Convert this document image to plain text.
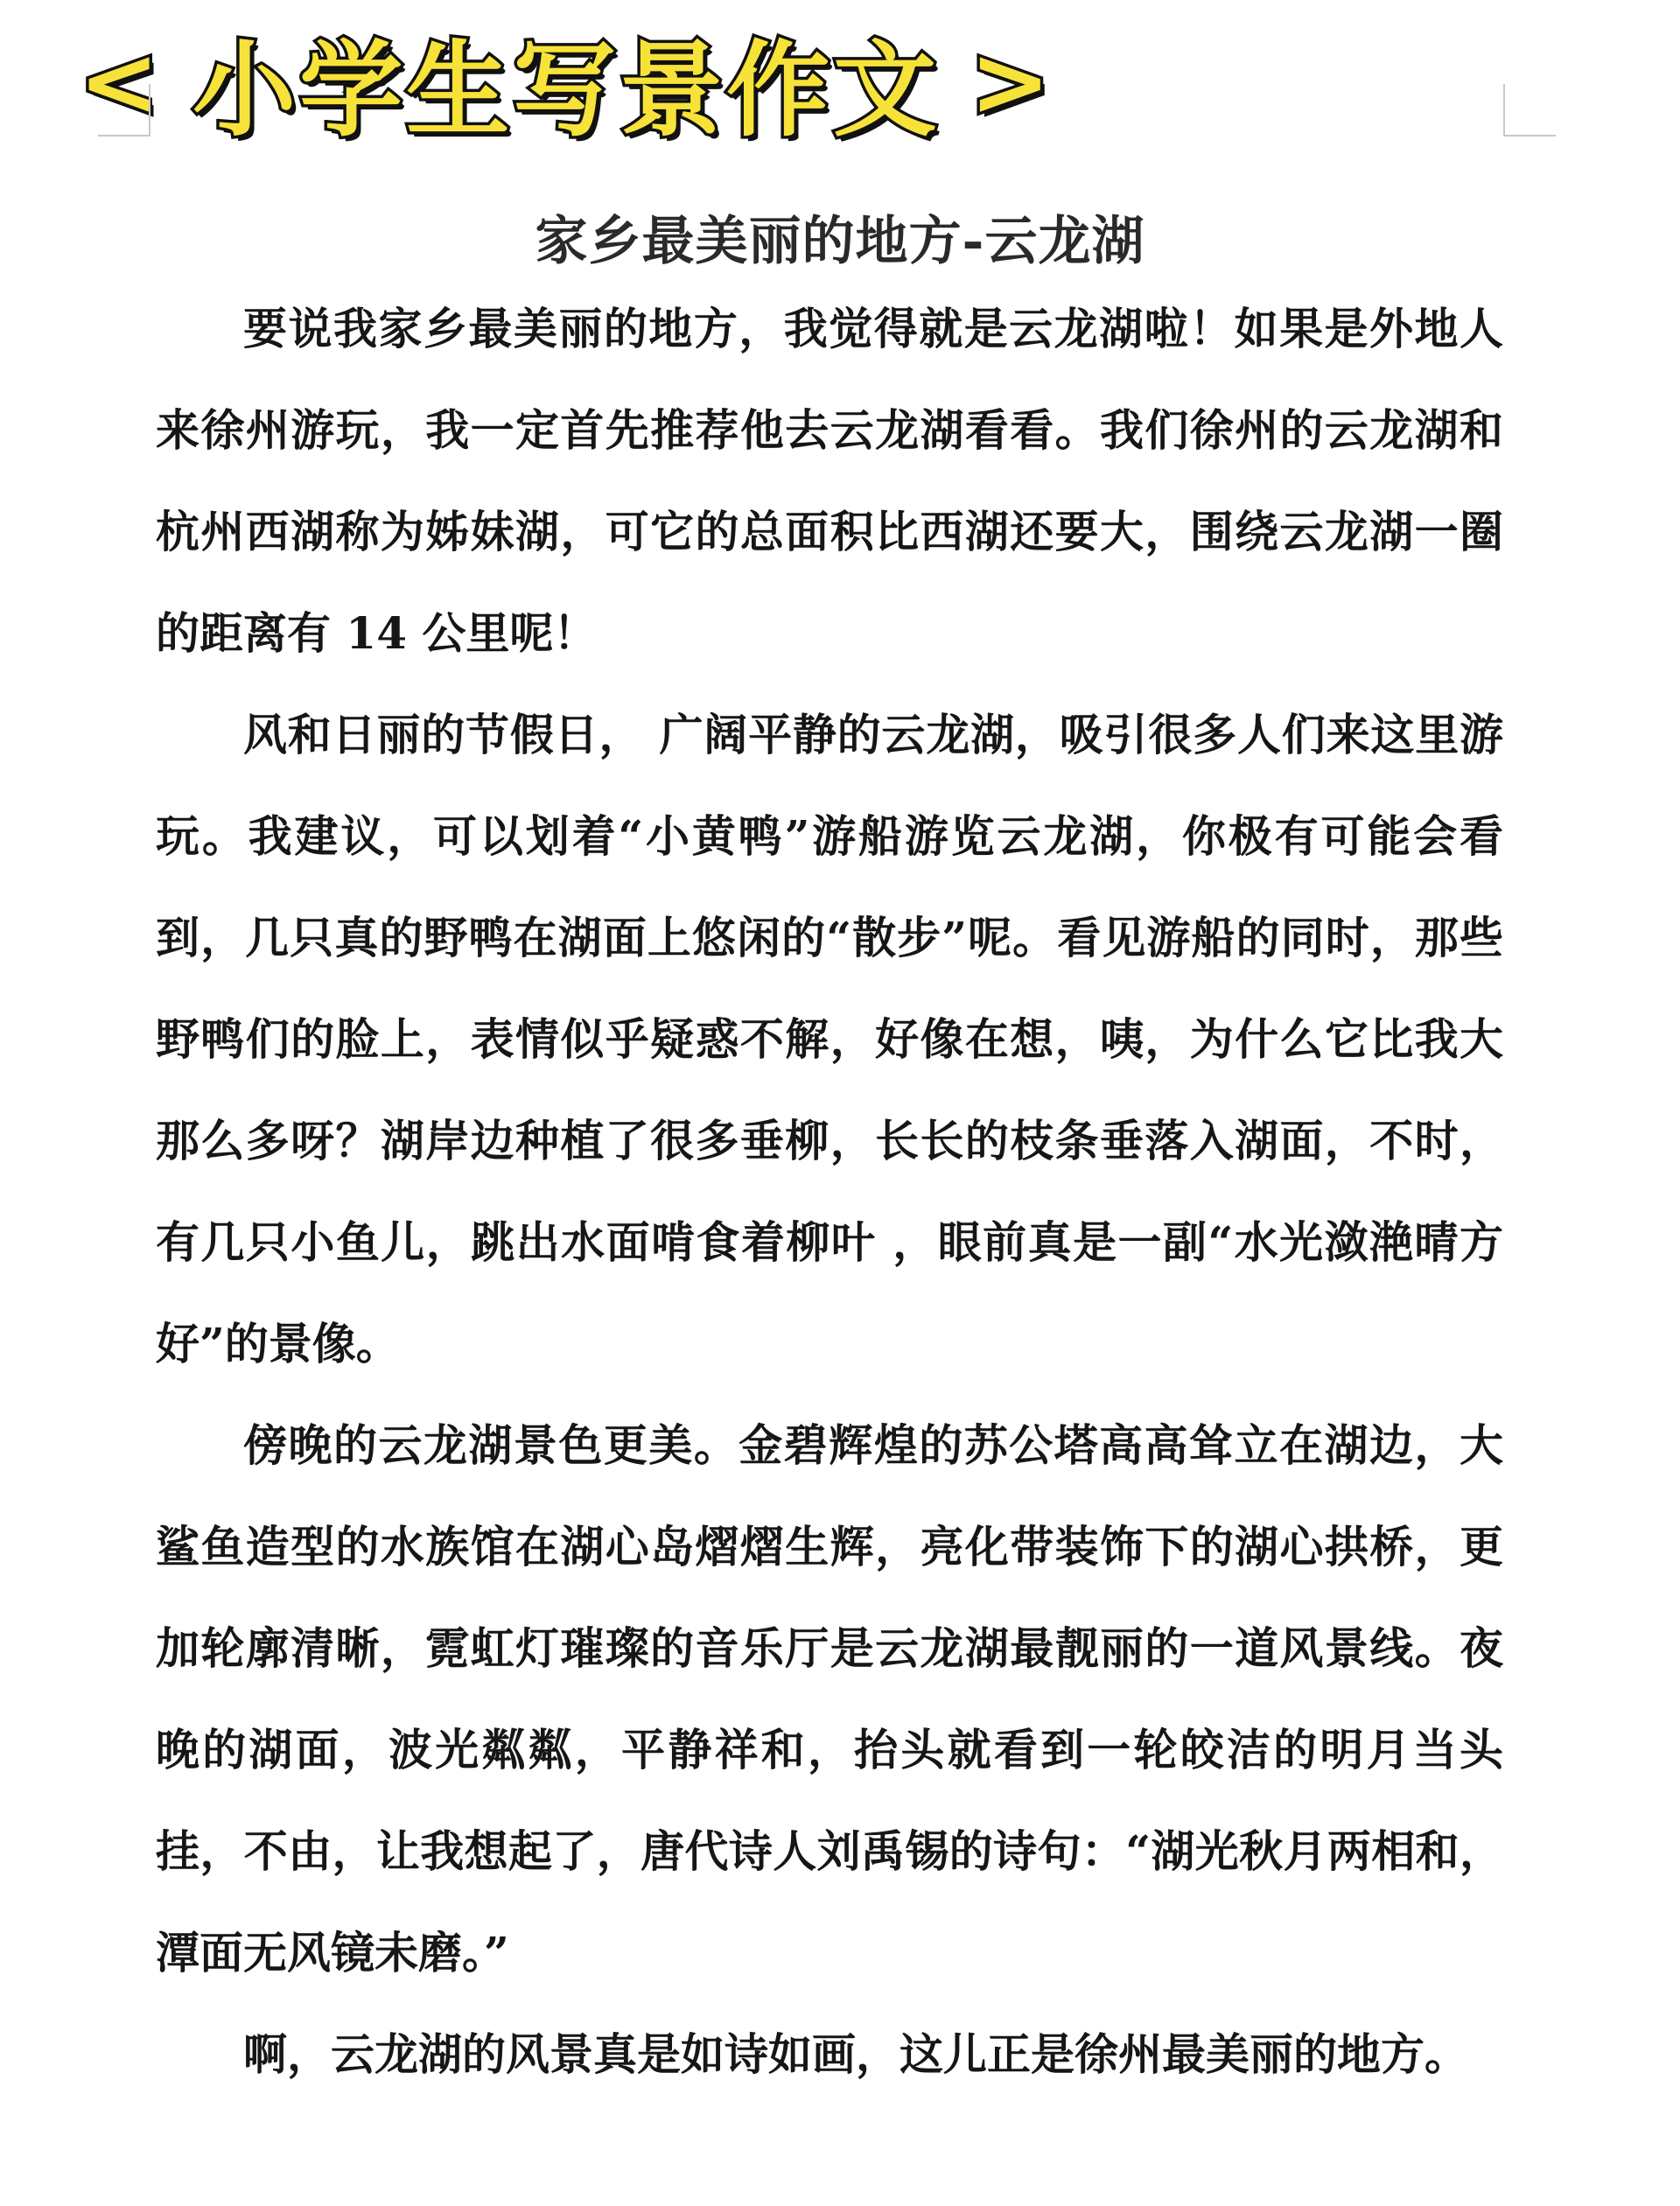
< 小学生写景作文 >
家乡最美丽的地方-云龙湖

要说我家乡最美丽的地方，我觉得就是云龙湖啦！如果是外地人来徐州游玩，我一定首先推荐他去云龙湖看看。我们徐州的云龙湖和杭州西湖称为姊妹湖，可它的总面积比西湖还要大，围绕云龙湖一圈的距离有 14 公里呢！

风和日丽的节假日， 广阔平静的云龙湖，吸引很多人们来这里游玩。我建议，可以划着“小黄鸭”游船游览云龙湖，你极有可能会看到，几只真的野鸭在湖面上悠闲的“散步”呢。看见游船的同时，那些野鸭们的脸上，表情似乎疑惑不解，好像在想，咦，为什么它比我大那么多呀？湖岸边种植了很多垂柳，长长的枝条垂落入湖面，不时，有几只小鱼儿，跳出水面啃食着柳叶 ，眼前真是一副“水光潋滟晴方好”的景像。

傍晚的云龙湖景色更美。金碧辉煌的苏公塔高高耸立在湖边，大鲨鱼造型的水族馆在湖心岛熠熠生辉，亮化带装饰下的湖心拱桥，更加轮廓清晰，霓虹灯璀璨的音乐厅是云龙湖最靓丽的一道风景线。夜晚的湖面，波光粼粼，平静祥和，抬头就看到一轮皎洁的明月当头挂，不由，让我想起了，唐代诗人刘禹锡的诗句：“湖光秋月两相和，潭面无风镜未磨。”

啊，云龙湖的风景真是如诗如画，这儿正是徐州最美丽的地方。
